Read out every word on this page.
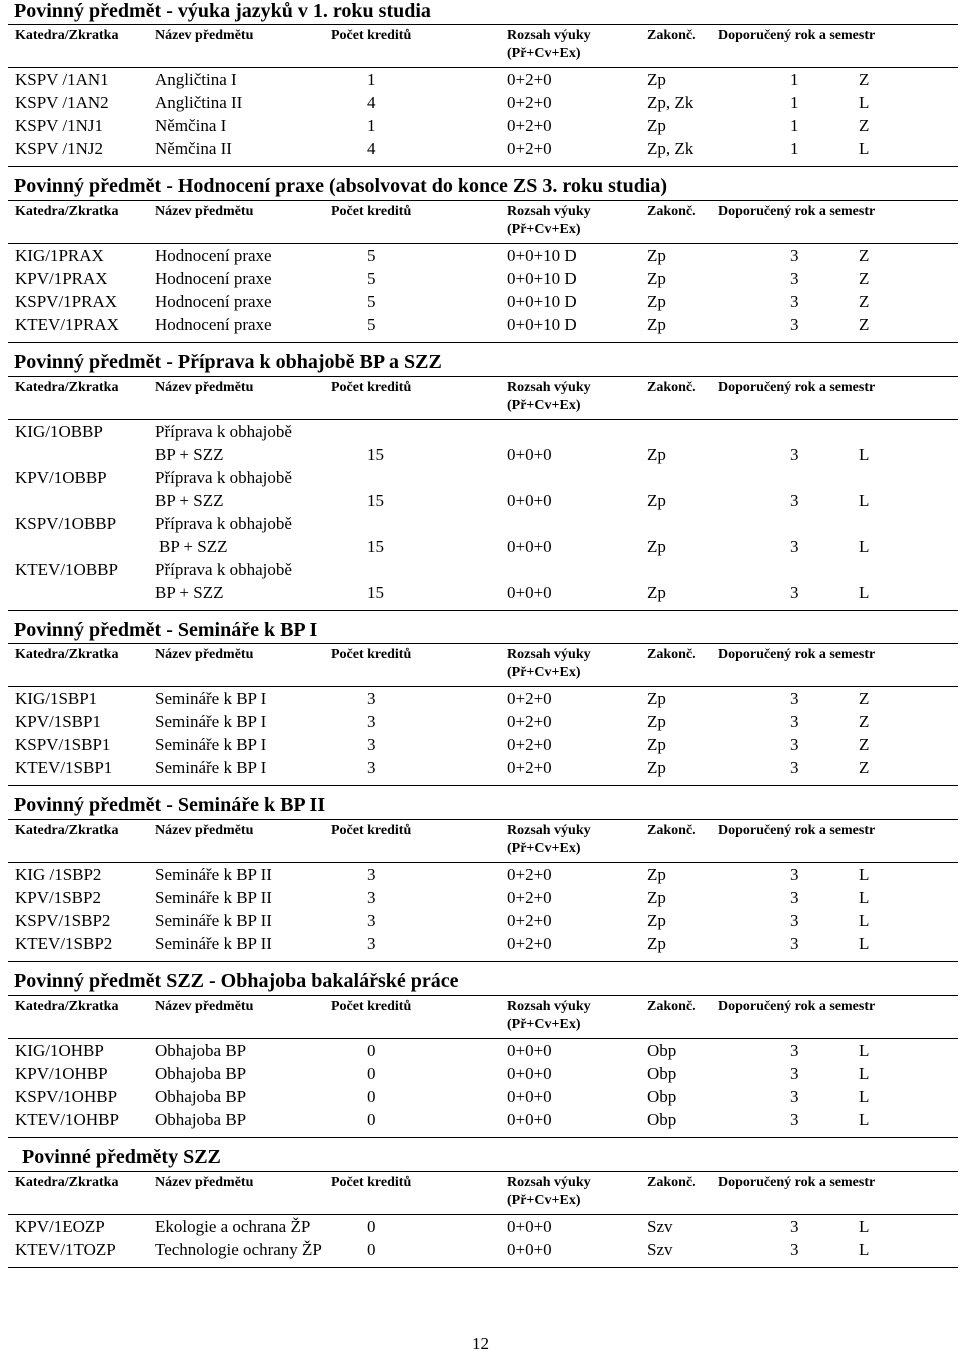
Povinný předmět - výuka jazyků v 1. roku studia
Katedra/Zkratka	Název předmětu	Počet kreditů	Rozsah výuky	Zakonč. Doporučený rok a semestr
(Př+Cv+Ex)
KSPV /1AN1	Angličtina I	1	0+2+0	Zp	1	Z
KSPV /1AN2	Angličtina II	4	0+2+0	Zp, Zk	1	L
KSPV /1NJ1	Němčina I	1	0+2+0	Zp	1	Z
KSPV /1NJ2	Němčina II	4	0+2+0	Zp, Zk	1	L
Povinný předmět - Hodnocení praxe (absolvovat do konce ZS 3. roku studia)
Katedra/Zkratka	Název předmětu	Počet kreditů	Rozsah výuky	Zakonč. Doporučený rok a semestr
(Př+Cv+Ex)
KIG/1PRAX	Hodnocení praxe	5	0+0+10 D	Zp	3	Z
KPV/1PRAX	Hodnocení praxe	5	0+0+10 D	Zp	3	Z
KSPV/1PRAX Hodnocení praxe	5	0+0+10 D	Zp	3	Z
KTEV/1PRAX Hodnocení praxe	5	0+0+10 D	Zp	3	Z
Povinný předmět - Příprava k obhajobě BP a SZZ
Katedra/Zkratka	Název předmětu	Počet kreditů	Rozsah výuky	Zakonč. Doporučený rok a semestr
(Př+Cv+Ex)
KIG/1OBBP	Příprava k obhajobě
BP + SZZ	15	0+0+0	Zp	3	L
KPV/1OBBP	Příprava k obhajobě
BP + SZZ	15	0+0+0	Zp	3	L
KSPV/1OBBP Příprava k obhajobě
BP + SZZ	15	0+0+0	Zp	3	L
KTEV/1OBBP Příprava k obhajobě
BP + SZZ	15	0+0+0	Zp	3	L
Povinný předmět - Semináře k BP I
Katedra/Zkratka	Název předmětu	Počet kreditů	Rozsah výuky	Zakonč. Doporučený rok a semestr
(Př+Cv+Ex)
KIG/1SBP1	Semináře k BP I	3	0+2+0	Zp	3	Z
KPV/1SBP1	Semináře k BP I	3	0+2+0	Zp	3	Z
KSPV/1SBP1	Semináře k BP I	3	0+2+0	Zp	3	Z
KTEV/1SBP1	Semináře k BP I	3	0+2+0	Zp	3	Z
Povinný předmět - Semináře k BP II
Katedra/Zkratka	Název předmětu	Počet kreditů	Rozsah výuky	Zakonč. Doporučený rok a semestr
(Př+Cv+Ex)
KIG /1SBP2	Semináře k BP II	3	0+2+0	Zp	3	L
KPV/1SBP2	Semináře k BP II	3	0+2+0	Zp	3	L
KSPV/1SBP2	Semináře k BP II	3	0+2+0	Zp	3	L
KTEV/1SBP2	Semináře k BP II	3	0+2+0	Zp	3	L
Povinný předmět SZZ - Obhajoba bakalářské práce
Katedra/Zkratka	Název předmětu	Počet kreditů	Rozsah výuky	Zakonč. Doporučený rok a semestr
(Př+Cv+Ex)
KIG/1OHBP	Obhajoba BP	0	0+0+0	Obp	3	L
KPV/1OHBP	Obhajoba BP	0	0+0+0	Obp	3	L
KSPV/1OHBP Obhajoba BP	0	0+0+0	Obp	3	L
KTEV/1OHBP Obhajoba BP	0	0+0+0	Obp	3	L
Povinné předměty SZZ
Katedra/Zkratka	Název předmětu	Počet kreditů	Rozsah výuky	Zakonč. Doporučený rok a semestr
(Př+Cv+Ex)
KPV/1EOZP	Ekologie a ochrana ŽP	0	0+0+0	Szv	3	L
KTEV/1TOZP Technologie ochrany ŽP	0	0+0+0	Szv	3	L
12
